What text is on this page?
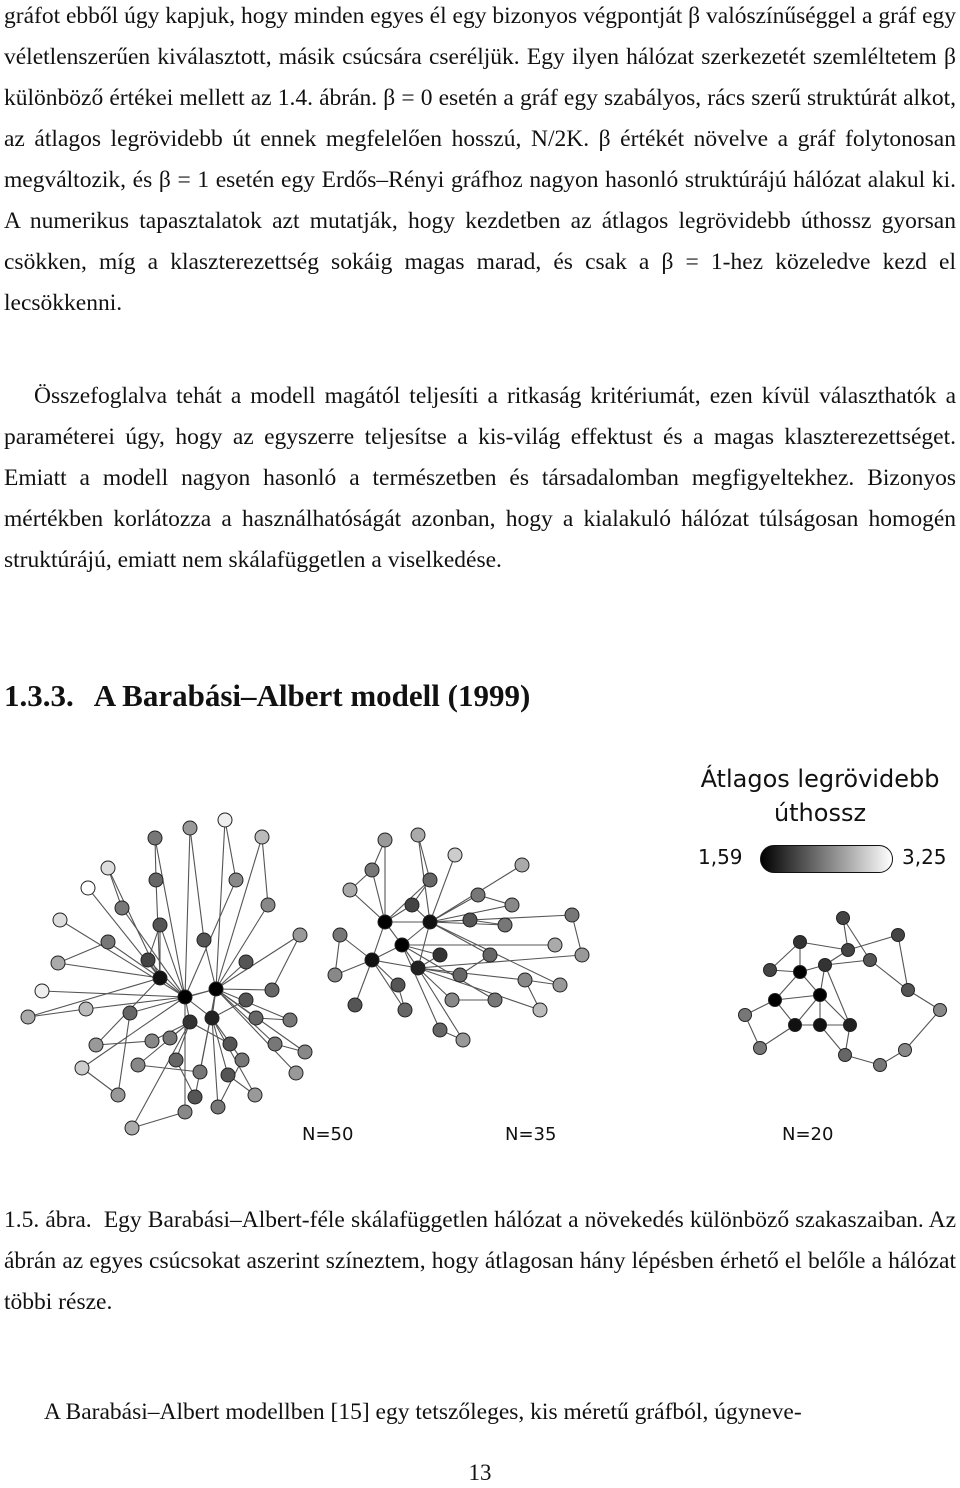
gráfot ebből úgy kapjuk, hogy minden egyes él egy bizonyos végpontját β valószínűséggel a gráf egy véletlenszerűen kiválasztott, másik csúcsára cseréljük. Egy ilyen hálózat szerkezetét szemléltetem β különböző értékei mellett az 1.4. ábrán. β = 0 esetén a gráf egy szabályos, rács szerű struktúrát alkot, az átlagos legrövidebb út ennek megfelelően hosszú, N/2K. β értékét növelve a gráf folytonosan megváltozik, és β = 1 esetén egy Erdős–Rényi gráfhoz nagyon hasonló struktúrájú hálózat alakul ki. A numerikus tapasztalatok azt mutatják, hogy kezdetben az átlagos legrövidebb úthossz gyorsan csökken, míg a klaszterezettség sokáig magas marad, és csak a β = 1-hez közeledve kezd el lecsökkenni.

Összefoglalva tehát a modell magától teljesíti a ritkaság kritériumát, ezen kívül választhatók a paraméterei úgy, hogy az egyszerre teljesítse a kis-világ effektust és a magas klaszterezettséget. Emiatt a modell nagyon hasonló a természetben és társadalomban megfigyeltekhez. Bizonyos mértékben korlátozza a használhatóságát azonban, hogy a kialakuló hálózat túlságosan homogén struktúrájú, emiatt nem skálafüggetlen a viselkedése.

1.3.3. A Barabási–Albert modell (1999)
Átlagos legrövidebb úthossz
1,59	3,25
N=50	N=35	N=20

1.5. ábra. Egy Barabási–Albert-féle skálafüggetlen hálózat a növekedés különböző szakaszaiban. Az ábrán az egyes csúcsokat aszerint színeztem, hogy átlagosan hány lépésben érhető el belőle a hálózat többi része.

A Barabási–Albert modellben [15] egy tetszőleges, kis méretű gráfból, úgyneve-

13
